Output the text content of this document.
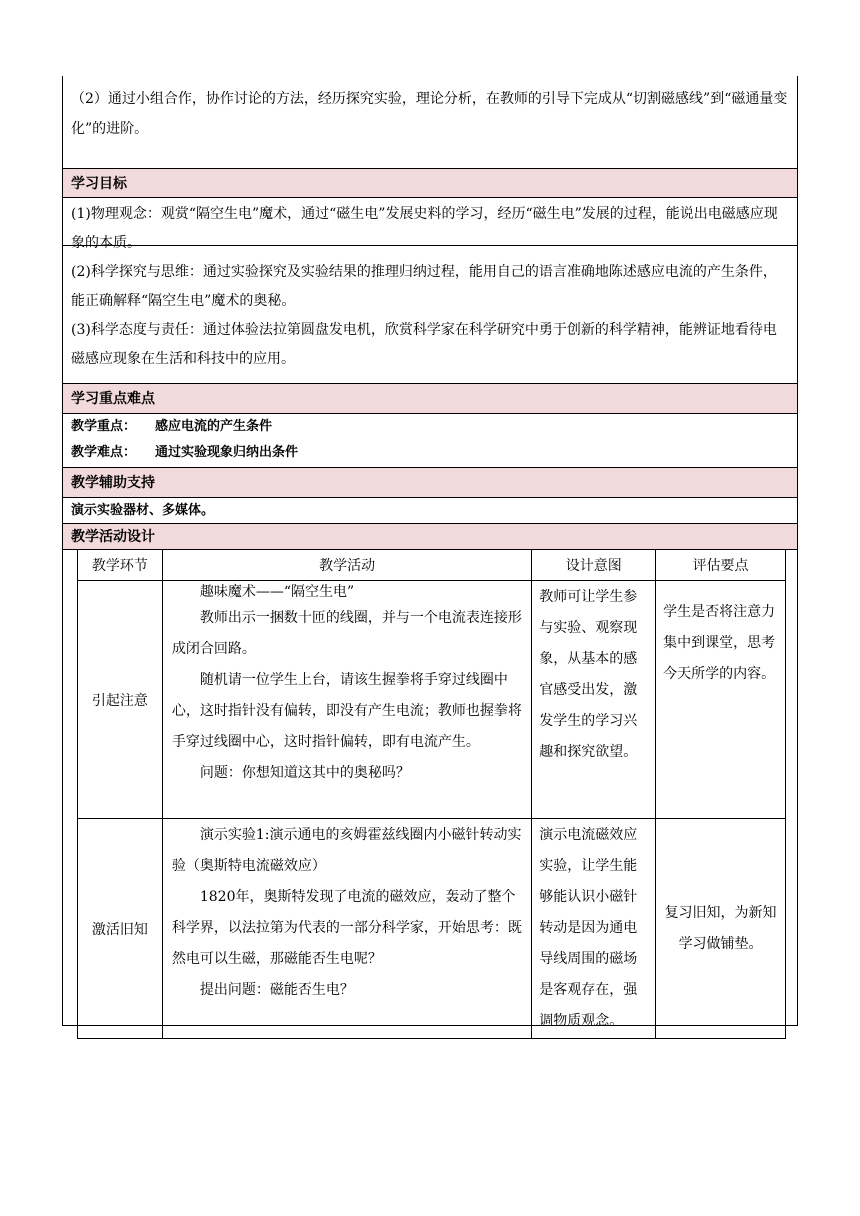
（2）通过小组合作，协作讨论的方法，经历探究实验，理论分析，在教师的引导下完成从“切割磁感线”到“磁通量变化”的进阶。

学习目标

(1)物理观念：观赏“隔空生电”魔术，通过“磁生电”发展史料的学习，经历“磁生电”发展的过程，能说出电磁感应现象的本质。

(2)科学探究与思维：通过实验探究及实验结果的推理归纳过程，能用自己的语言准确地陈述感应电流的产生条件，能正确解释“隔空生电”魔术的奥秘。

(3)科学态度与责任：通过体验法拉第圆盘发电机，欣赏科学家在科学研究中勇于创新的科学精神，能辨证地看待电磁感应现象在生活和科技中的应用。

学习重点难点
教学重点： 感应电流的产生条件
教学难点： 通过实验现象归纳出条件
教学辅助支持
演示实验器材、多媒体。
教学活动设计
教学环节	教学活动	设计意图	评估要点
引起注意	趣味魔术——“隔空生电”

教师出示一捆数十匝的线圈，并与一个电流表连接形成闭合回路。

随机请一位学生上台，请该生握拳将手穿过线圈中心，这时指针没有偏转，即没有产生电流；教师也握拳将手穿过线圈中心，这时指针偏转，即有电流产生。

问题：你想知道这其中的奥秘吗？	教师可让学生参与实验、观察现象，从基本的感官感受出发，激发学生的学习兴趣和探究欲望。	学生是否将注意力集中到课堂，思考今天所学的内容。

激活旧知	演示实验1:演示通电的亥姆霍兹线圈内小磁针转动实验（奥斯特电流磁效应）

1820年，奥斯特发现了电流的磁效应，轰动了整个科学界，以法拉第为代表的一部分科学家，开始思考：既然电可以生磁，那磁能否生电呢？

提出问题：磁能否生电？	演示电流磁效应实验，让学生能够能认识小磁针转动是因为通电导线周围的磁场是客观存在，强调物质观念。	复习旧知，为新知学习做铺垫。
